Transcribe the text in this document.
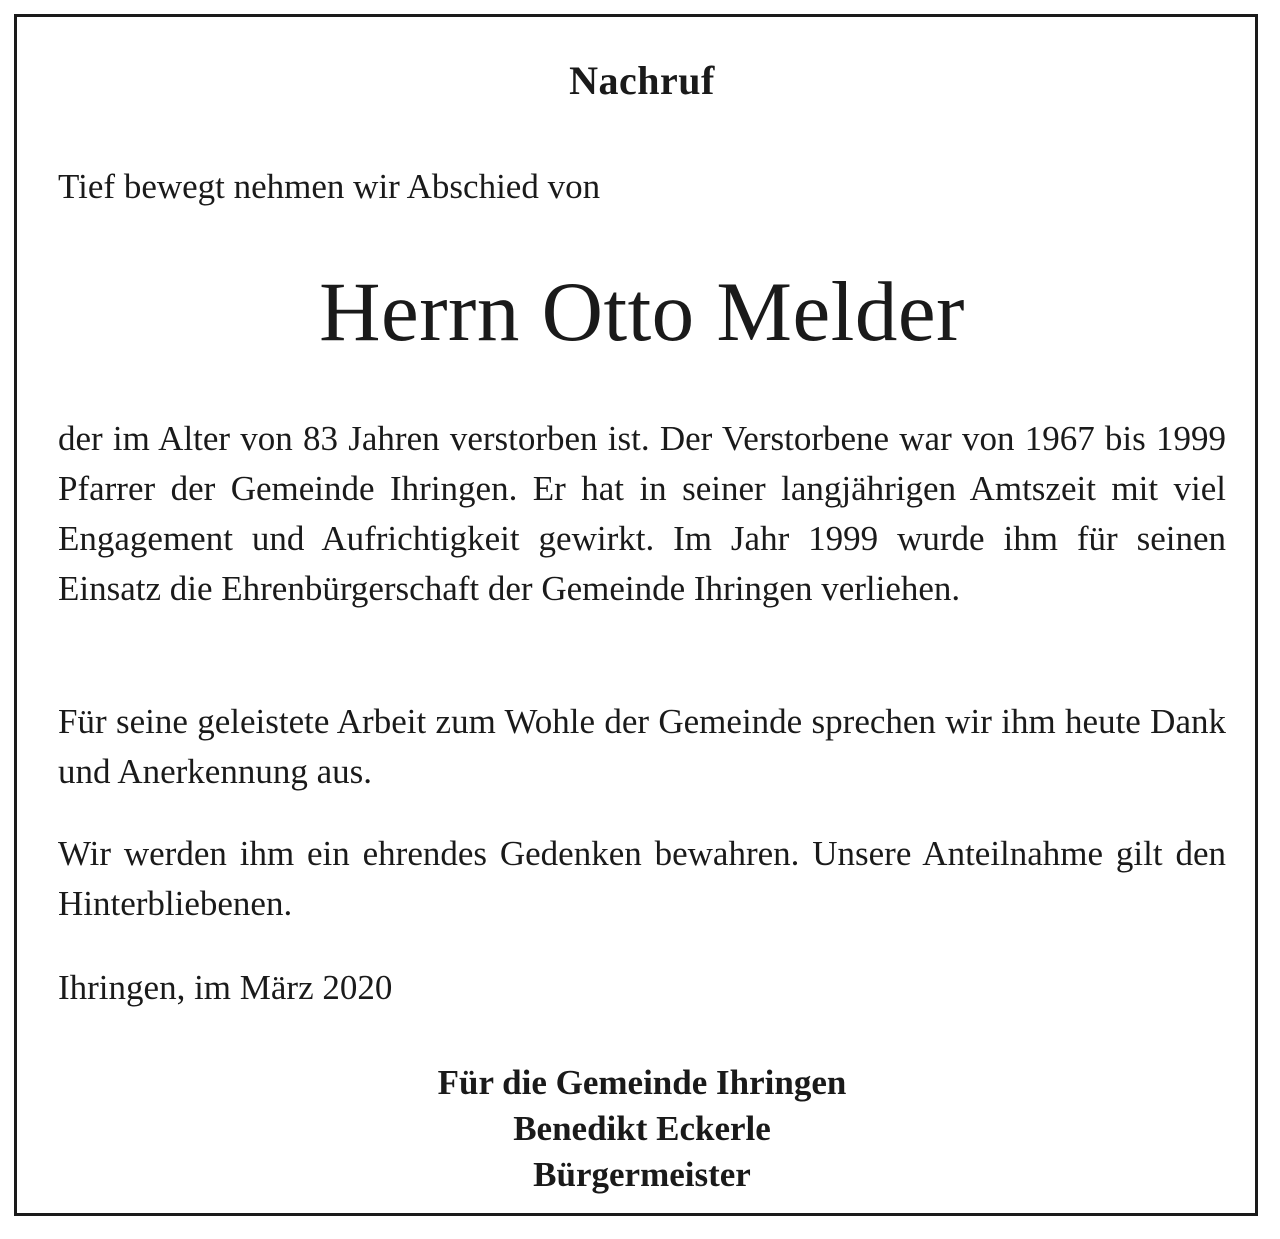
Nachruf
Tief bewegt nehmen wir Abschied von
Herrn Otto Melder
der im Alter von 83 Jahren verstorben ist. Der Verstorbene war von 1967 bis 1999 Pfarrer der Gemeinde Ihringen. Er hat in seiner langjährigen Amtszeit mit viel Engagement und Aufrichtigkeit gewirkt. Im Jahr 1999 wurde ihm für seinen Einsatz die Ehrenbürgerschaft der Gemeinde Ihringen verliehen.
Für seine geleistete Arbeit zum Wohle der Gemeinde sprechen wir ihm heute Dank und Anerkennung aus.
Wir werden ihm ein ehrendes Gedenken bewahren. Unsere Anteilnahme gilt den Hinterbliebenen.
Ihringen, im März 2020
Für die Gemeinde Ihringen
Benedikt Eckerle
Bürgermeister
